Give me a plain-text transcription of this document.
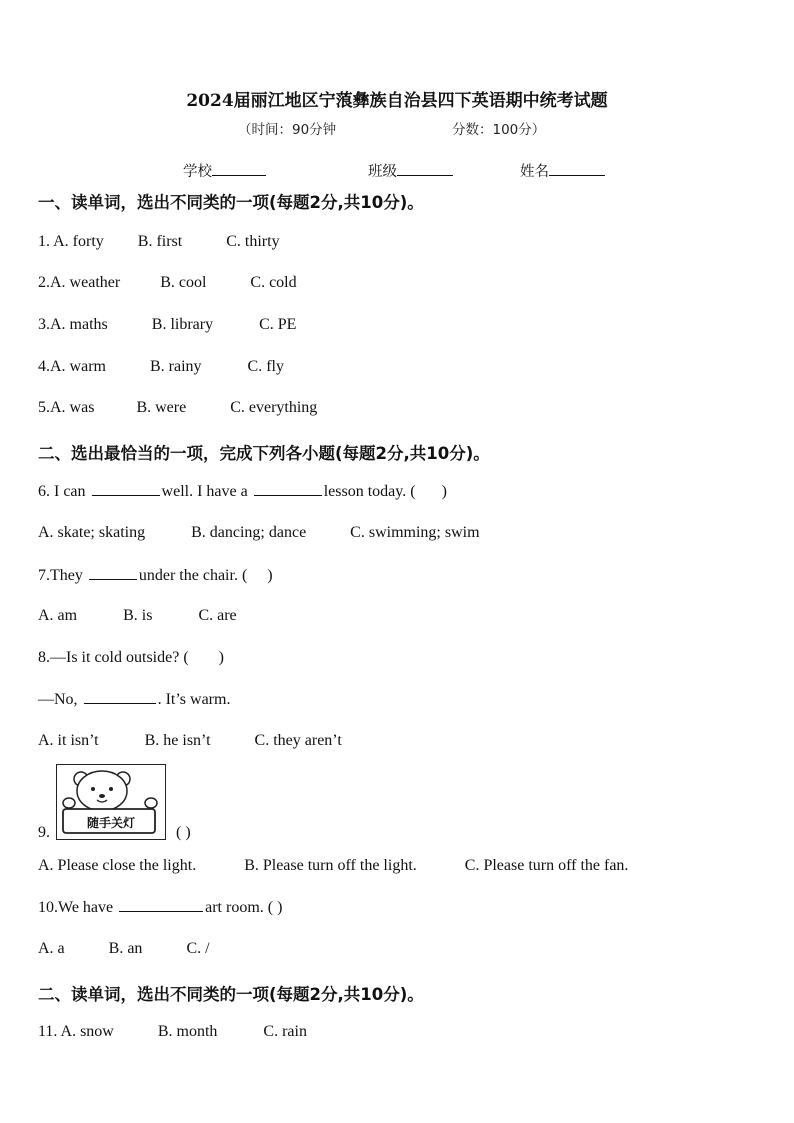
2024届丽江地区宁蒗彝族自治县四下英语期中统考试题
（时间：90分钟	分数：100分）
学校	班级	姓名
一、读单词，选出不同类的一项(每题2分,共10分)。
1. A. forty B. first	C. thirty
2.A. weather	B. cool	C. cold
3.A. maths	B. library	C. PE
4.A. warm	B. rainy	C. fly
5.A. was	B. were	C. everything
二、选出最恰当的一项，完成下列各小题(每题2分,共10分)。
6. I can	well. I have a	lesson today. ( )
A. skate; skating	B. dancing; dance	C. swimming; swim
7.They	under the chair. ( )
A. am	B. is	C. are
8.—Is it cold outside? ( )
—No,	. It’s warm.
A. it isn’t	B. he isn’t	C. they aren’t
随手关灯
9.	( )
A. Please close the light.	B. Please turn off the light.	C. Please turn off the fan.
10.We have	art room. ( )
A. a	B. an	C. /
二、读单词，选出不同类的一项(每题2分,共10分)。
11. A. snow	B. month	C. rain
